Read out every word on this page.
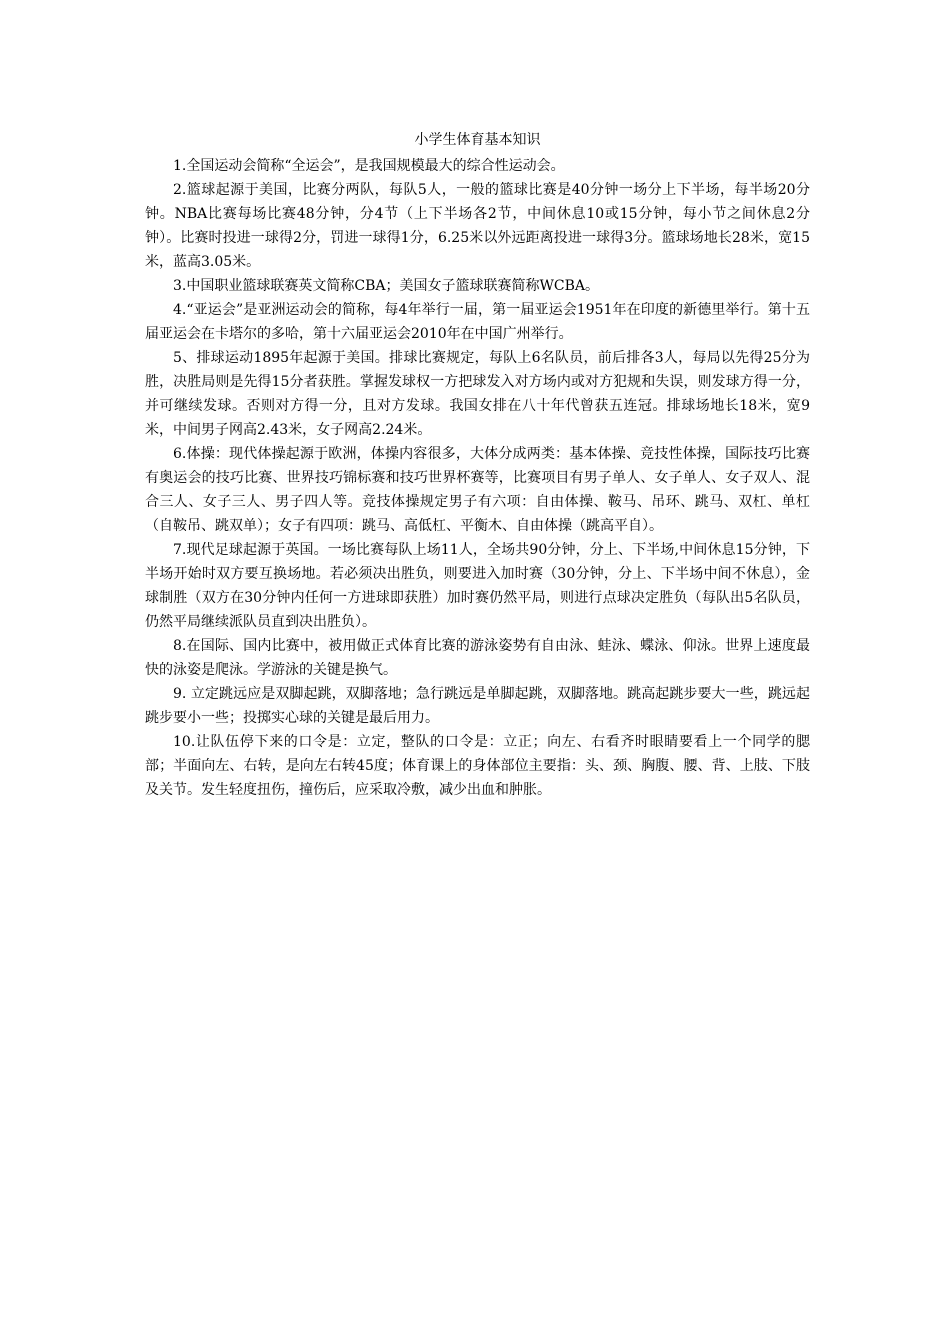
小学生体育基本知识

1.全国运动会简称“全运会”，是我国规模最大的综合性运动会。

2.篮球起源于美国，比赛分两队，每队5人，一般的篮球比赛是40分钟一场分上下半场，每半场20分钟。NBA比赛每场比赛48分钟，分4节（上下半场各2节，中间休息10或15分钟，每小节之间休息2分钟）。比赛时投进一球得2分，罚进一球得1分，6.25米以外远距离投进一球得3分。篮球场地长28米，宽15米，蓝高3.05米。

3.中国职业篮球联赛英文简称CBA；美国女子篮球联赛简称WCBA。

4.“亚运会”是亚洲运动会的简称，每4年举行一届，第一届亚运会1951年在印度的新德里举行。第十五届亚运会在卡塔尔的多哈，第十六届亚运会2010年在中国广州举行。

5、排球运动1895年起源于美国。排球比赛规定，每队上6名队员，前后排各3人，每局以先得25分为胜，决胜局则是先得15分者获胜。掌握发球权一方把球发入对方场内或对方犯规和失误，则发球方得一分，并可继续发球。否则对方得一分，且对方发球。我国女排在八十年代曾获五连冠。排球场地长18米，宽9米，中间男子网高2.43米，女子网高2.24米。

6.体操：现代体操起源于欧洲，体操内容很多，大体分成两类：基本体操、竞技性体操，国际技巧比赛有奥运会的技巧比赛、世界技巧锦标赛和技巧世界杯赛等，比赛项目有男子单人、女子单人、女子双人、混合三人、女子三人、男子四人等。竞技体操规定男子有六项：自由体操、鞍马、吊环、跳马、双杠、单杠（自鞍吊、跳双单）；女子有四项：跳马、高低杠、平衡木、自由体操（跳高平自）。

7.现代足球起源于英国。一场比赛每队上场11人，全场共90分钟，分上、下半场,中间休息15分钟，下半场开始时双方要互换场地。若必须决出胜负，则要进入加时赛（30分钟，分上、下半场中间不休息），金球制胜（双方在30分钟内任何一方进球即获胜）加时赛仍然平局，则进行点球决定胜负（每队出5名队员，仍然平局继续派队员直到决出胜负）。

8.在国际、国内比赛中，被用做正式体育比赛的游泳姿势有自由泳、蛙泳、蝶泳、仰泳。世界上速度最快的泳姿是爬泳。学游泳的关键是换气。

9. 立定跳远应是双脚起跳，双脚落地；急行跳远是单脚起跳，双脚落地。跳高起跳步要大一些，跳远起跳步要小一些；投掷实心球的关键是最后用力。

10.让队伍停下来的口令是：立定，整队的口令是：立正；向左、右看齐时眼睛要看上一个同学的腮部；半面向左、右转，是向左右转45度；体育课上的身体部位主要指：头、颈、胸腹、腰、背、上肢、下肢及关节。发生轻度扭伤，撞伤后，应采取冷敷，减少出血和肿胀。
